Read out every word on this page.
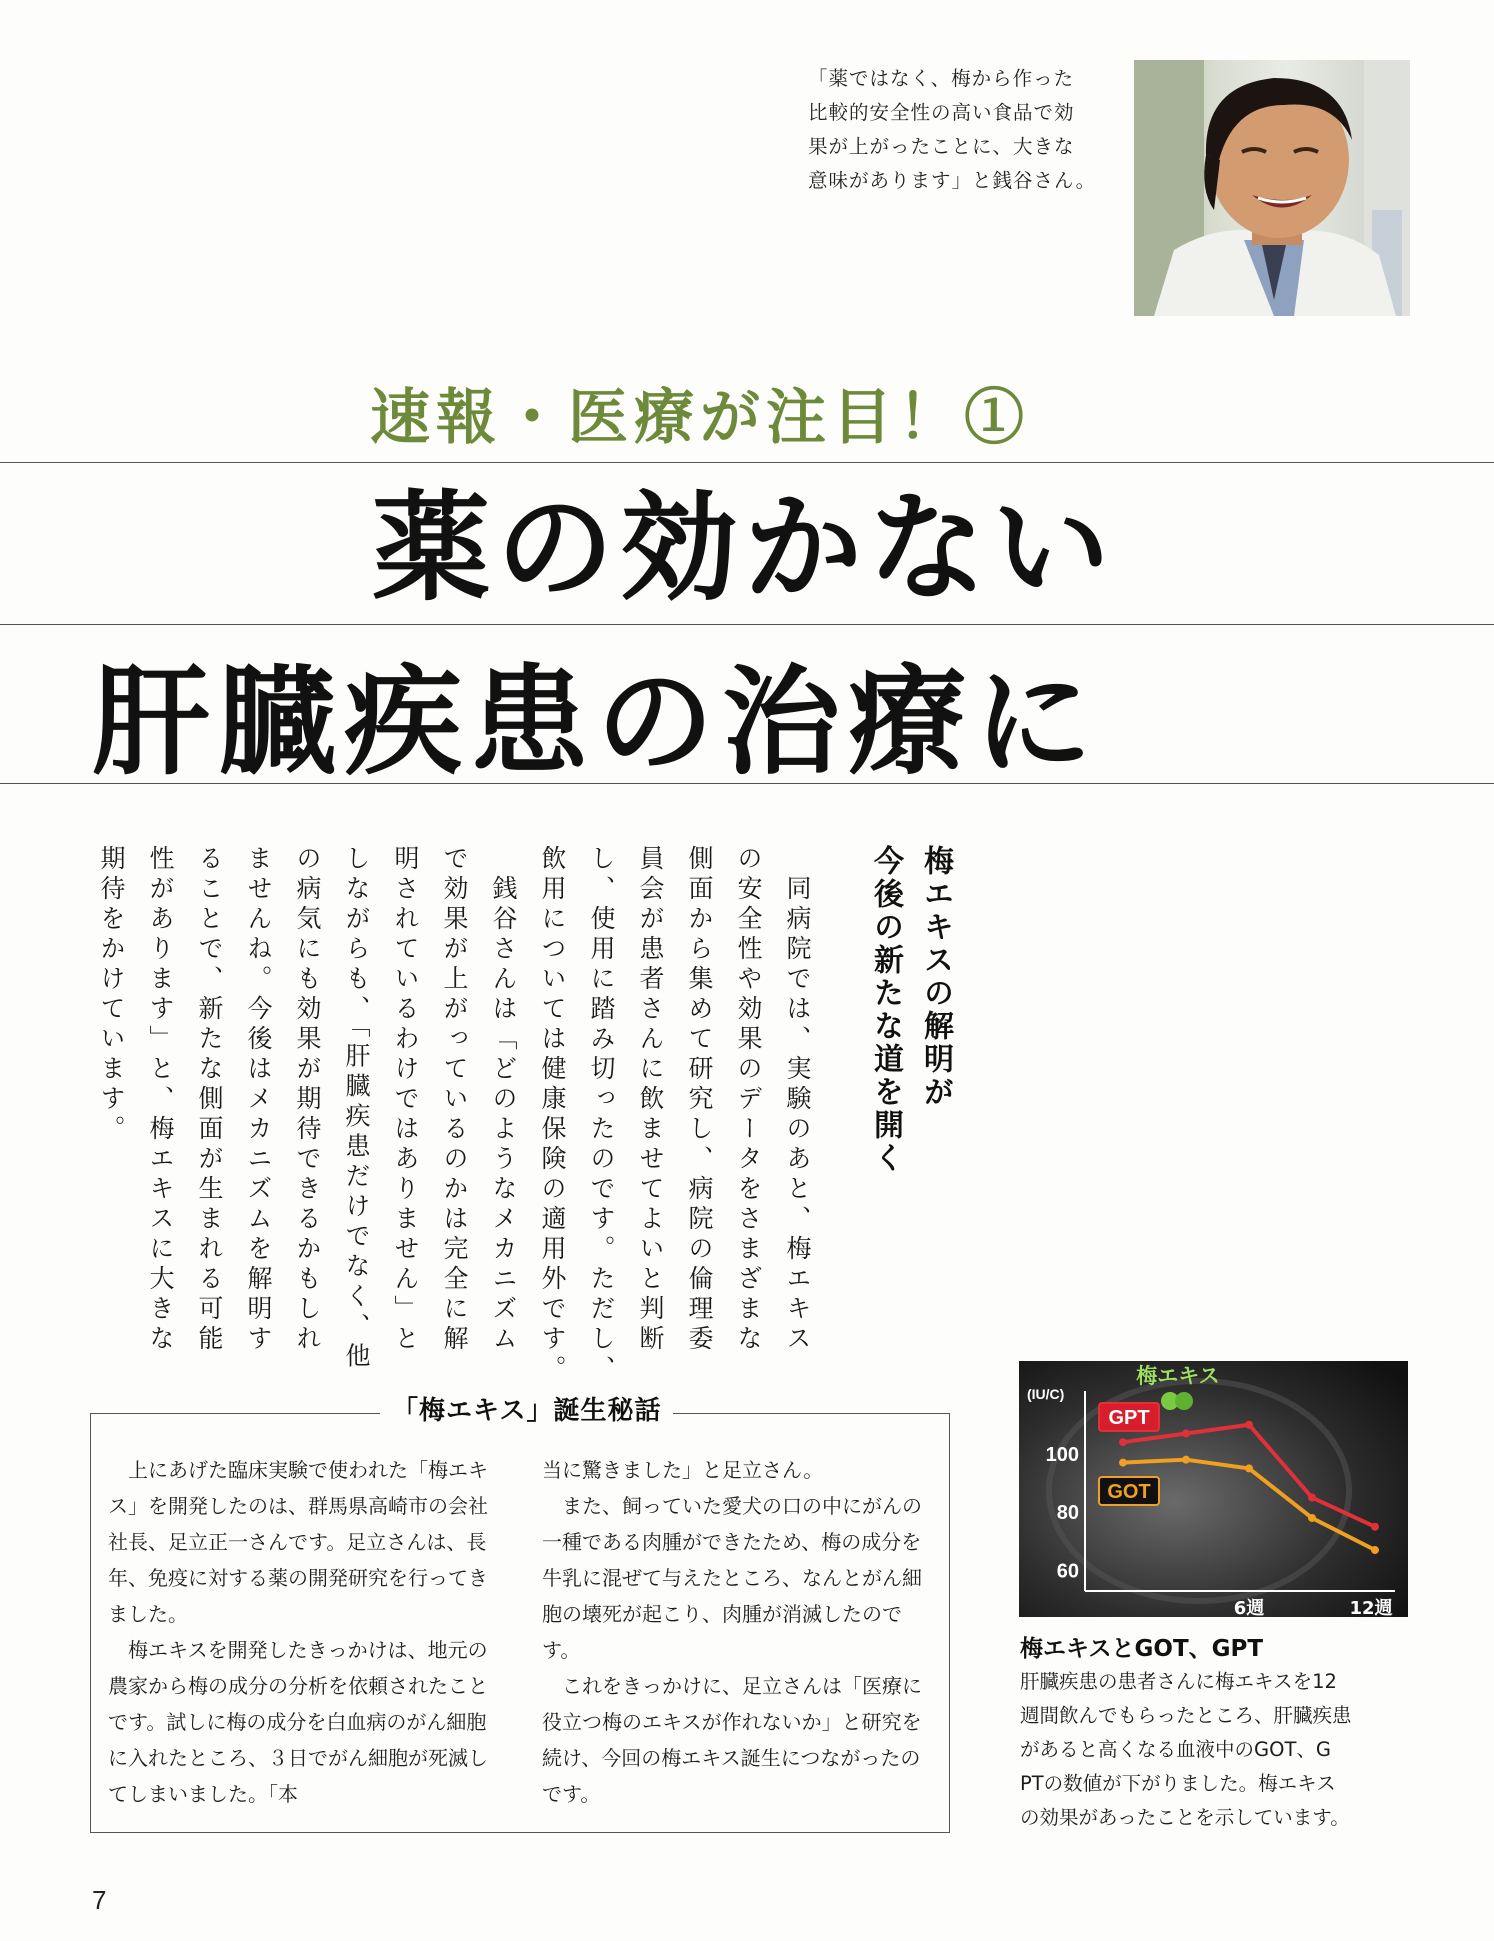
「薬ではなく、梅から作った
比較的安全性の高い食品で効
果が上がったことに、大きな
意味があります」と銭谷さん。
速報・医療が注目！①
薬の効かない
肝臓疾患の治療に
梅エキスの解明が
今後の新たな道を開く

　同病院では、実験のあと、梅エキス

の安全性や効果のデータをさまざまな

側面から集めて研究し、病院の倫理委

員会が患者さんに飲ませてよいと判断

し、使用に踏み切ったのです。ただし、

飲用については健康保険の適用外です。

　銭谷さんは「どのようなメカニズム

で効果が上がっているのかは完全に解

明されているわけではありません」と

しながらも、「肝臓疾患だけでなく、他

の病気にも効果が期待できるかもしれ

ませんね。今後はメカニズムを解明す

ることで、新たな側面が生まれる可能

性があります」と、梅エキスに大きな

期待をかけています。

「梅エキス」誕生秘話

上にあげた臨床実験で使われた「梅エキス」を開発したのは、群馬県高崎市の会社社長、足立正一さんです。足立さんは、長年、免疫に対する薬の開発研究を行ってきました。

梅エキスを開発したきっかけは、地元の農家から梅の成分の分析を依頼されたことです。試しに梅の成分を白血病のがん細胞に入れたところ、３日でがん細胞が死滅してしまいました。「本

当に驚きました」と足立さん。

また、飼っていた愛犬の口の中にがんの一種である肉腫ができたため、梅の成分を牛乳に混ぜて与えたところ、なんとがん細胞の壊死が起こり、肉腫が消滅したのです。

これをきっかけに、足立さんは「医療に役立つ梅のエキスが作れないか」と研究を続け、今回の梅エキス誕生につながったのです。

(IU/C)
100
80
60
6週	12週
GPT
GOT
梅エキス
梅エキスとGOT、GPT
肝臓疾患の患者さんに梅エキスを12
週間飲んでもらったところ、肝臓疾患
があると高くなる血液中のGOT、G
PTの数値が下がりました。梅エキス
の効果があったことを示しています。
7
